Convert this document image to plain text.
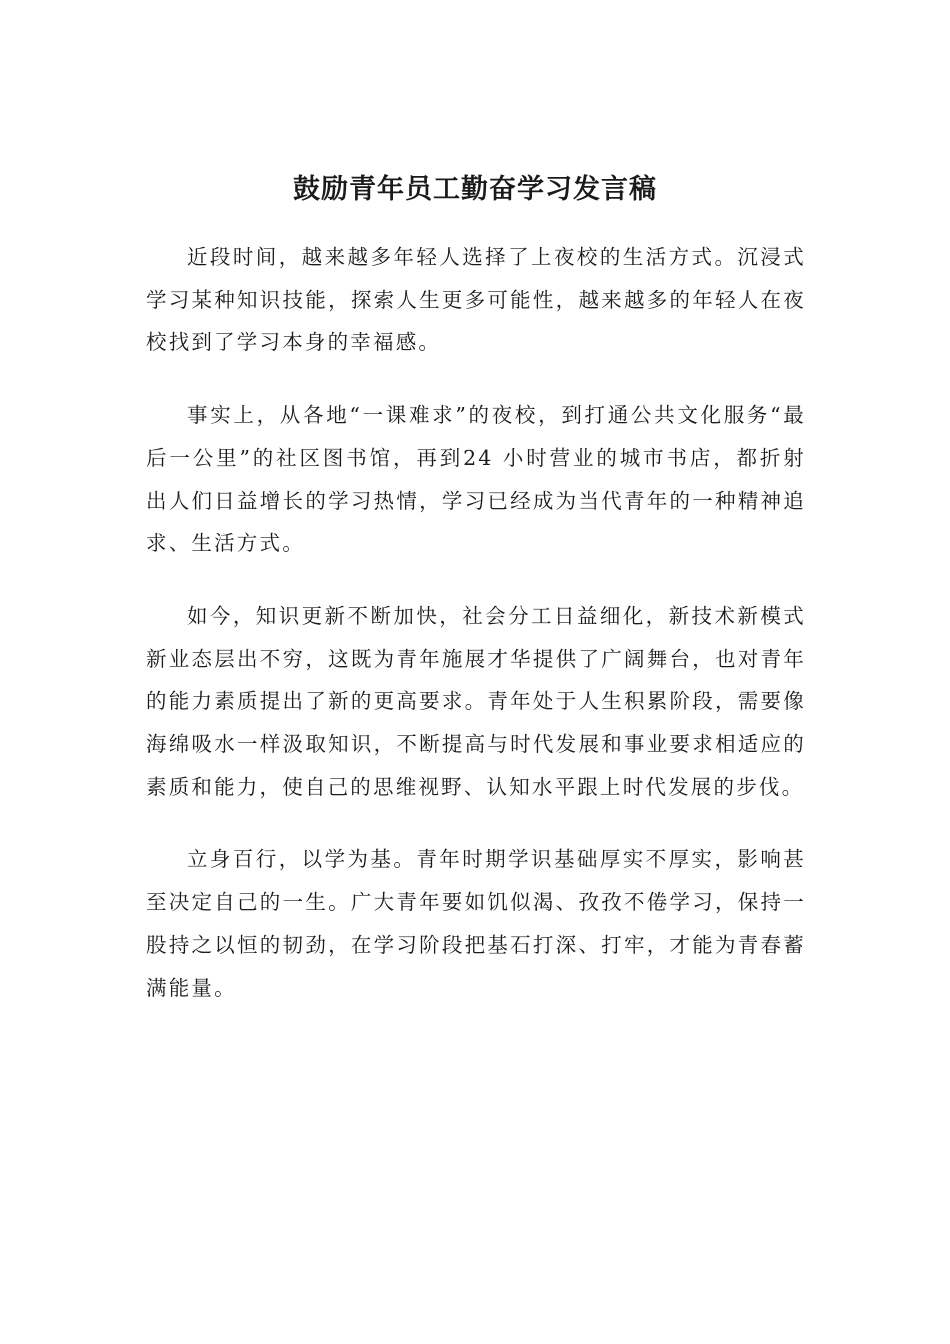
鼓励青年员工勤奋学习发言稿

近段时间，越来越多年轻人选择了上夜校的生活方式。沉浸式学习某种知识技能，探索人生更多可能性，越来越多的年轻人在夜校找到了学习本身的幸福感。

事实上，从各地“一课难求”的夜校，到打通公共文化服务“最后一公里”的社区图书馆，再到24 小时营业的城市书店，都折射出人们日益增长的学习热情，学习已经成为当代青年的一种精神追求、生活方式。

如今，知识更新不断加快，社会分工日益细化，新技术新模式新业态层出不穷，这既为青年施展才华提供了广阔舞台，也对青年的能力素质提出了新的更高要求。青年处于人生积累阶段，需要像海绵吸水一样汲取知识，不断提高与时代发展和事业要求相适应的素质和能力，使自己的思维视野、认知水平跟上时代发展的步伐。

立身百行，以学为基。青年时期学识基础厚实不厚实，影响甚至决定自己的一生。广大青年要如饥似渴、孜孜不倦学习，保持一股持之以恒的韧劲，在学习阶段把基石打深、打牢，才能为青春蓄满能量。
